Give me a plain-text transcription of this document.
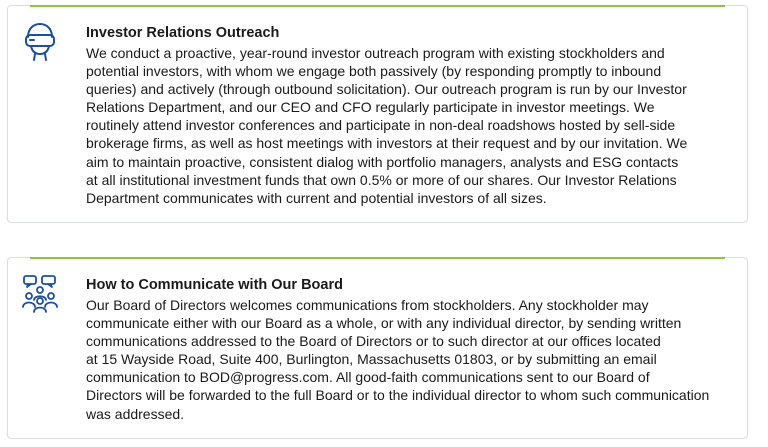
Investor Relations Outreach

We conduct a proactive, year-round investor outreach program with existing stockholders and
potential investors, with whom we engage both passively (by responding promptly to inbound
queries) and actively (through outbound solicitation). Our outreach program is run by our Investor
Relations Department, and our CEO and CFO regularly participate in investor meetings. We
routinely attend investor conferences and participate in non-deal roadshows hosted by sell-side
brokerage firms, as well as host meetings with investors at their request and by our invitation. We
aim to maintain proactive, consistent dialog with portfolio managers, analysts and ESG contacts
at all institutional investment funds that own 0.5% or more of our shares. Our Investor Relations
Department communicates with current and potential investors of all sizes.

How to Communicate with Our Board

Our Board of Directors welcomes communications from stockholders. Any stockholder may
communicate either with our Board as a whole, or with any individual director, by sending written
communications addressed to the Board of Directors or to such director at our offices located
at 15 Wayside Road, Suite 400, Burlington, Massachusetts 01803, or by submitting an email
communication to BOD@progress.com. All good-faith communications sent to our Board of
Directors will be forwarded to the full Board or to the individual director to whom such communication
was addressed.
